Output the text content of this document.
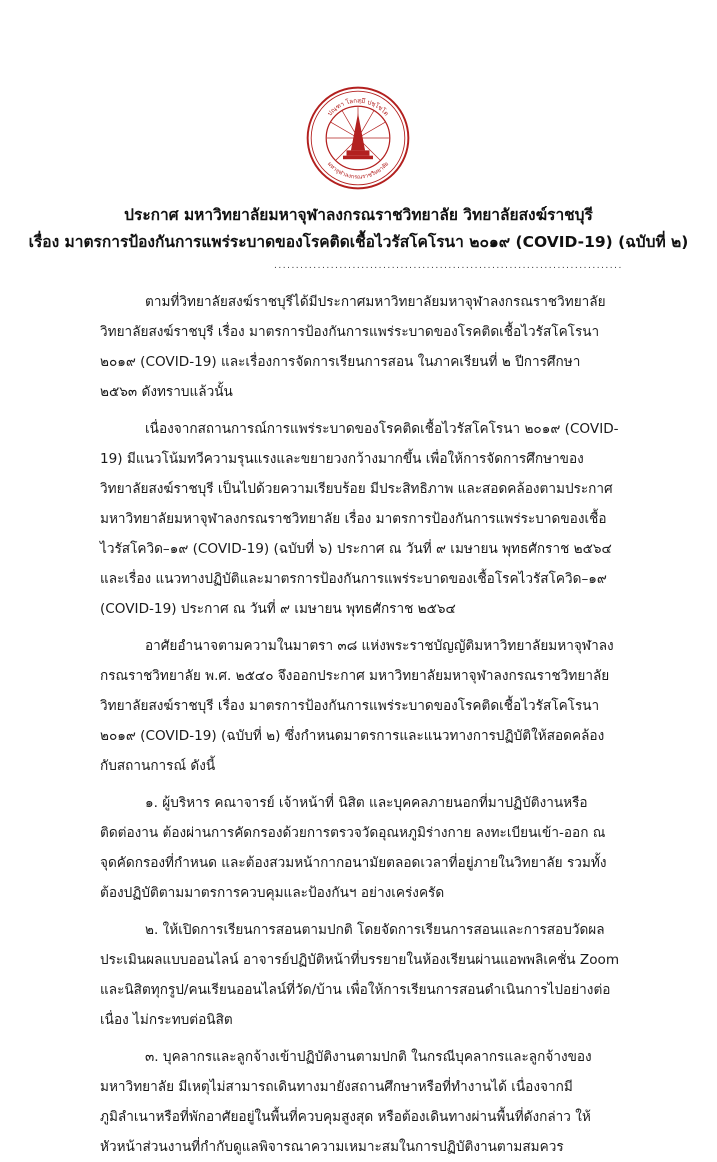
ปณฺฑา โลกสฺมึ ปชฺโชโต
มหาจุฬาลงกรณราชวิทยาลัย
ประกาศ มหาวิทยาลัยมหาจุฬาลงกรณราชวิทยาลัย วิทยาลัยสงฆ์ราชบุรี
เรื่อง มาตรการป้องกันการแพร่ระบาดของโรคติดเชื้อไวรัสโคโรนา ๒๐๑๙ (COVID-19) (ฉบับที่ ๒)
................................................................................

ตามที่วิทยาลัยสงฆ์ราชบุรีได้มีประกาศมหาวิทยาลัยมหาจุฬาลงกรณราชวิทยาลัย วิทยาลัยสงฆ์ราชบุรี เรื่อง มาตรการป้องกันการแพร่ระบาดของโรคติดเชื้อไวรัสโคโรนา ๒๐๑๙ (COVID-19) และเรื่องการจัดการเรียนการสอน ในภาคเรียนที่ ๒ ปีการศึกษา ๒๕๖๓ ดังทราบแล้วนั้น

เนื่องจากสถานการณ์การแพร่ระบาดของโรคติดเชื้อไวรัสโคโรนา ๒๐๑๙ (COVID-19) มีแนวโน้มทวีความรุนแรงและขยายวงกว้างมากขึ้น เพื่อให้การจัดการศึกษาของวิทยาลัยสงฆ์ราชบุรี เป็นไปด้วยความเรียบร้อย มีประสิทธิภาพ และสอดคล้องตามประกาศมหาวิทยาลัยมหาจุฬาลงกรณราชวิทยาลัย เรื่อง มาตรการป้องกันการแพร่ระบาดของเชื้อไวรัสโควิด–๑๙ (COVID-19) (ฉบับที่ ๖) ประกาศ ณ วันที่ ๙ เมษายน พุทธศักราช ๒๕๖๔ และเรื่อง แนวทางปฏิบัติและมาตรการป้องกันการแพร่ระบาดของเชื้อโรคไวรัสโควิด–๑๙ (COVID-19) ประกาศ ณ วันที่ ๙ เมษายน พุทธศักราช ๒๕๖๔

อาศัยอำนาจตามความในมาตรา ๓๘ แห่งพระราชบัญญัติมหาวิทยาลัยมหาจุฬาลงกรณราชวิทยาลัย พ.ศ. ๒๕๔๐ จึงออกประกาศ มหาวิทยาลัยมหาจุฬาลงกรณราชวิทยาลัย วิทยาลัยสงฆ์ราชบุรี เรื่อง มาตรการป้องกันการแพร่ระบาดของโรคติดเชื้อไวรัสโคโรนา ๒๐๑๙ (COVID-19) (ฉบับที่ ๒) ซึ่งกำหนดมาตรการและแนวทางการปฏิบัติให้สอดคล้องกับสถานการณ์ ดังนี้

๑. ผู้บริหาร คณาจารย์ เจ้าหน้าที่ นิสิต และบุคคลภายนอกที่มาปฏิบัติงานหรือติดต่องาน ต้องผ่านการคัดกรองด้วยการตรวจวัดอุณหภูมิร่างกาย ลงทะเบียนเข้า-ออก ณ จุดคัดกรองที่กำหนด และต้องสวมหน้ากากอนามัยตลอดเวลาที่อยู่ภายในวิทยาลัย รวมทั้งต้องปฏิบัติตามมาตรการควบคุมและป้องกันฯ อย่างเคร่งครัด

๒. ให้เปิดการเรียนการสอนตามปกติ โดยจัดการเรียนการสอนและการสอบวัดผลประเมินผลแบบออนไลน์ อาจารย์ปฏิบัติหน้าที่บรรยายในห้องเรียนผ่านแอพพลิเคชั่น Zoom และนิสิตทุกรูป/คนเรียนออนไลน์ที่วัด/บ้าน เพื่อให้การเรียนการสอนดำเนินการไปอย่างต่อเนื่อง ไม่กระทบต่อนิสิต

๓. บุคลากรและลูกจ้างเข้าปฏิบัติงานตามปกติ ในกรณีบุคลากรและลูกจ้างของมหาวิทยาลัย มีเหตุไม่สามารถเดินทางมายังสถานศึกษาหรือที่ทำงานได้ เนื่องจากมีภูมิลำเนาหรือที่พักอาศัยอยู่ในพื้นที่ควบคุมสูงสุด หรือต้องเดินทางผ่านพื้นที่ดังกล่าว ให้หัวหน้าส่วนงานที่กำกับดูแลพิจารณาความเหมาะสมในการปฏิบัติงานตามสมควร
